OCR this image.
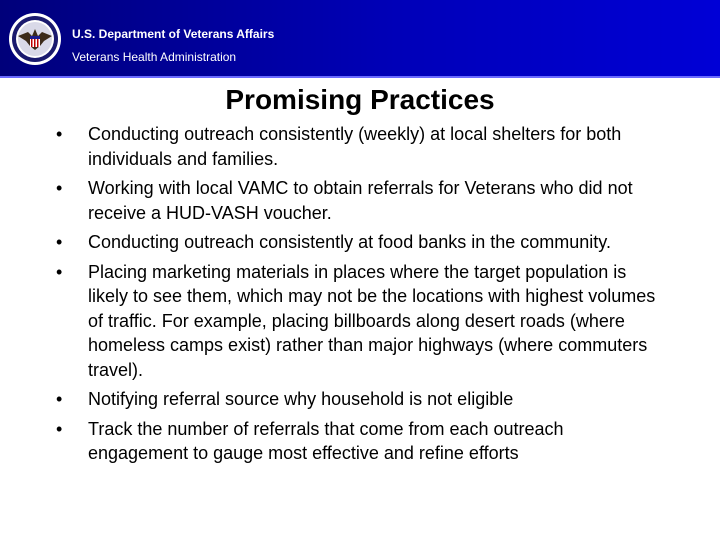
U.S. Department of Veterans Affairs
Veterans Health Administration
Promising Practices
• Conducting outreach consistently (weekly) at local shelters for both individuals and families.
• Working with local VAMC to obtain referrals for Veterans who did not receive a HUD-VASH voucher.
• Conducting outreach consistently at food banks in the community.
• Placing marketing materials in places where the target population is likely to see them, which may not be the locations with highest volumes of traffic. For example, placing billboards along desert roads (where homeless camps exist) rather than major highways (where commuters travel).
• Notifying referral source why household is not eligible
• Track the number of referrals that come from each outreach engagement to gauge most effective and refine efforts
